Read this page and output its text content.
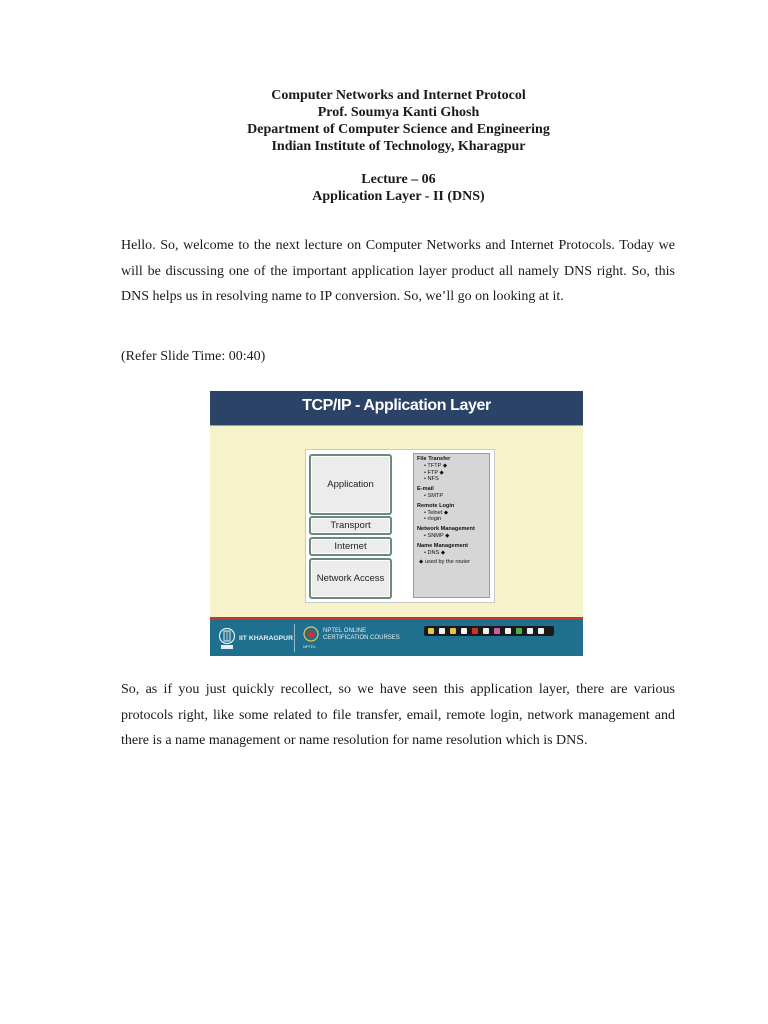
Computer Networks and Internet Protocol
Prof. Soumya Kanti Ghosh
Department of Computer Science and Engineering
Indian Institute of Technology, Kharagpur
Lecture – 06
Application Layer - II (DNS)

Hello. So, welcome to the next lecture on Computer Networks and Internet Protocols. Today we will be discussing one of the important application layer product all namely DNS right. So, this DNS helps us in resolving name to IP conversion. So, we’ll go on looking at it.

(Refer Slide Time: 00:40)
TCP/IP - Application Layer
Application
Transport
Internet
Network Access
File Transfer
• TFTP ◆
• FTP ◆
• NFS
E-mail
• SMTP
Remote Login
• Telnet ◆
• rlogin
Network Management
• SNMP ◆
Name Management
• DNS ◆
◆ used by the router
IIT KHARAGPUR
NPTEL
NPTEL ONLINE
CERTIFICATION COURSES

So, as if you just quickly recollect, so we have seen this application layer, there are various protocols right, like some related to file transfer, email, remote login, network management and there is a name management or name resolution for name resolution which is DNS.
